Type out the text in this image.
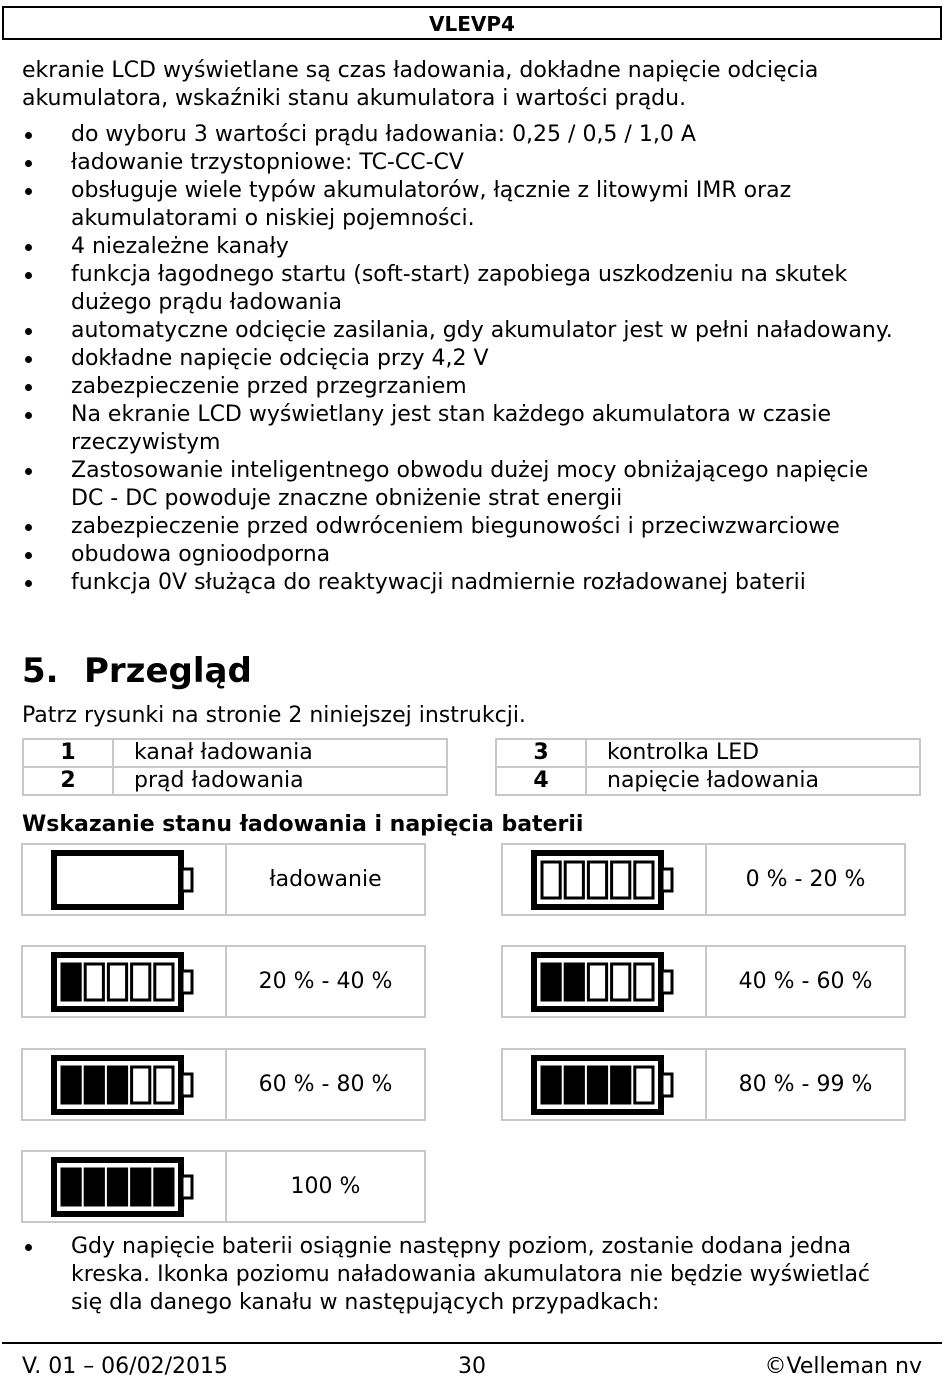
VLEVP4
ekranie LCD wyświetlane są czas ładowania, dokładne napięcie odcięcia akumulatora, wskaźniki stanu akumulatora i wartości prądu.
do wyboru 3 wartości prądu ładowania: 0,25 / 0,5 / 1,0 A
ładowanie trzystopniowe: TC-CC-CV
obsługuje wiele typów akumulatorów, łącznie z litowymi IMR oraz akumulatorami o niskiej pojemności.
4 niezależne kanały
funkcja łagodnego startu (soft-start) zapobiega uszkodzeniu na skutek dużego prądu ładowania
automatyczne odcięcie zasilania, gdy akumulator jest w pełni naładowany.
dokładne napięcie odcięcia przy 4,2 V
zabezpieczenie przed przegrzaniem
Na ekranie LCD wyświetlany jest stan każdego akumulatora w czasie rzeczywistym
Zastosowanie inteligentnego obwodu dużej mocy obniżającego napięcie DC - DC powoduje znaczne obniżenie strat energii
zabezpieczenie przed odwróceniem biegunowości i przeciwzwarciowe
obudowa ognioodporna
funkcja 0V służąca do reaktywacji nadmiernie rozładowanej baterii
5. Przegląd
Patrz rysunki na stronie 2 niniejszej instrukcji.
1	kanał ładowania
2	prąd ładowania
3	kontrolka LED
4	napięcie ładowania
Wskazanie stanu ładowania i napięcia baterii
ładowanie	0 % - 20 %
20 % - 40 %	40 % - 60 %
60 % - 80 %	80 % - 99 %
100 %
Gdy napięcie baterii osiągnie następny poziom, zostanie dodana jedna kreska. Ikonka poziomu naładowania akumulatora nie będzie wyświetlać się dla danego kanału w następujących przypadkach:
V. 01 – 06/02/2015	30	©Velleman nv
